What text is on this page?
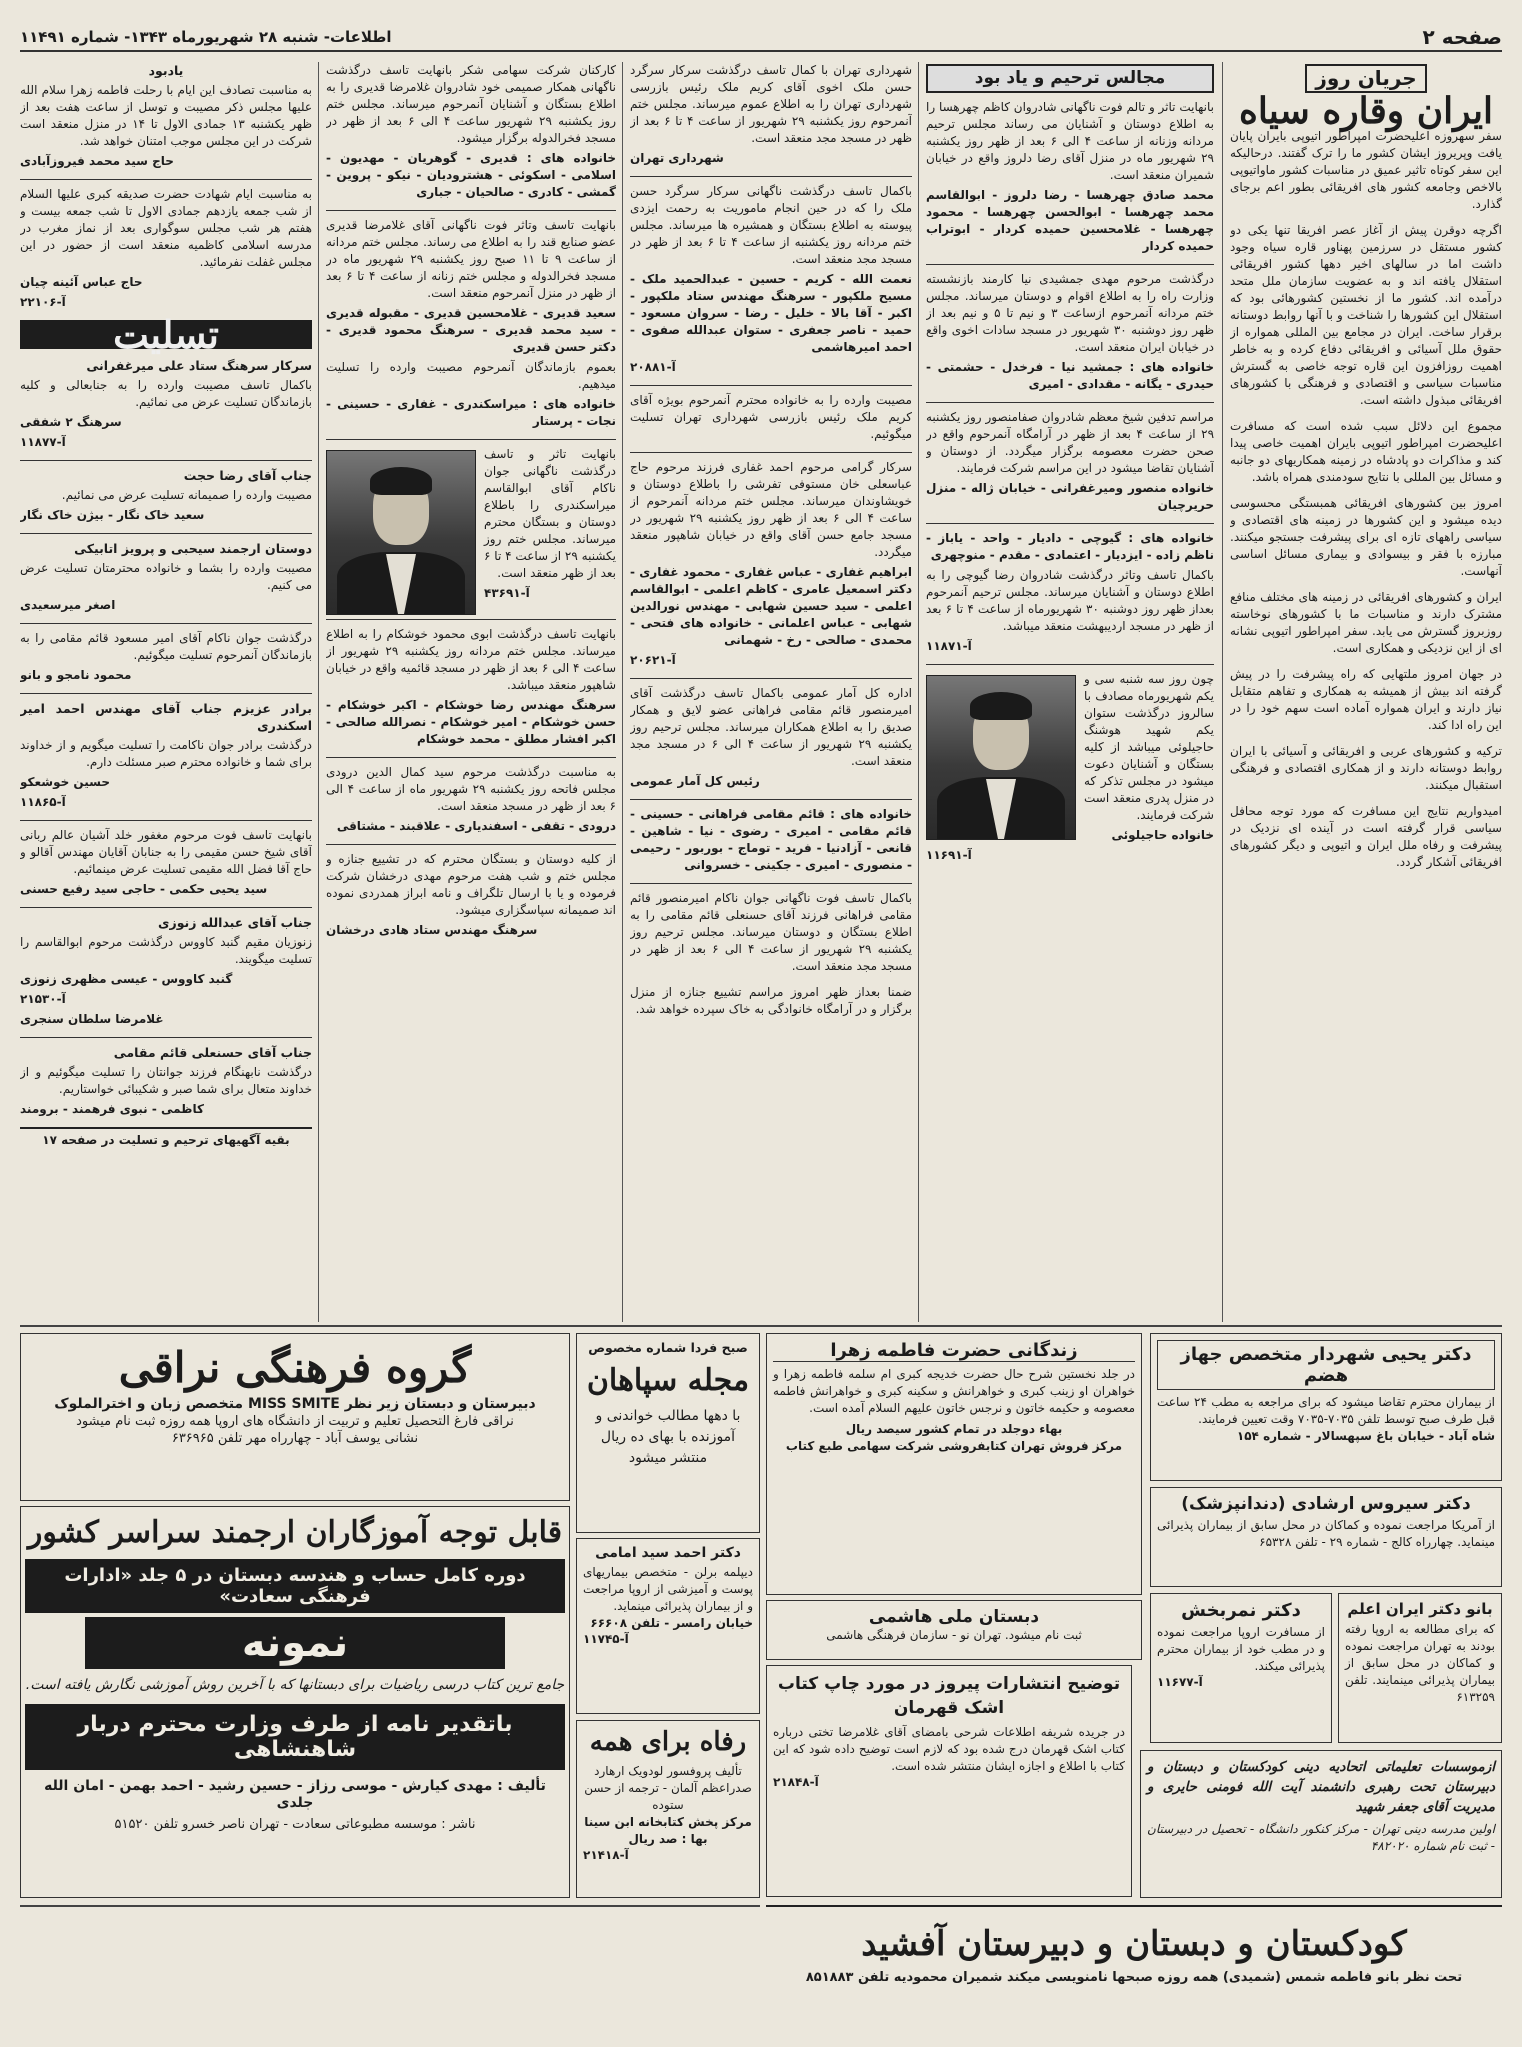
صفحه ۲
اطلاعات- شنبه ۲۸ شهریورماه ۱۳۴۳- شماره ۱۱۴۹۱
جریان روز
ایران وقاره سیاه

سفر سهروزه اعلیحضرت امپراطور اتیوپی بایران پایان یافت وپریروز ایشان کشور ما را ترک گفتند. درحالیکه این سفر کوتاه تاثیر عمیق در مناسبات کشور ماواتیوپی بالاخص وجامعه کشور های افریقائی بطور اعم برجای گذارد.

اگرچه دوقرن پیش از آغاز عصر افریقا تنها یکی دو کشور مستقل در سرزمین پهناور قاره سیاه وجود داشت اما در سالهای اخیر دهها کشور افریقائی استقلال یافته اند و به عضویت سازمان ملل متحد درآمده اند. کشور ما از نخستین کشورهائی بود که استقلال این کشورها را شناخت و با آنها روابط دوستانه برقرار ساخت. ایران در مجامع بین المللی همواره از حقوق ملل آسیائی و افریقائی دفاع کرده و به خاطر اهمیت روزافزون این قاره توجه خاصی به گسترش مناسبات سیاسی و اقتصادی و فرهنگی با کشورهای افریقائی مبذول داشته است.

مجموع این دلائل سبب شده است که مسافرت اعلیحضرت امپراطور اتیوپی بایران اهمیت خاصی پیدا کند و مذاکرات دو پادشاه در زمینه همکاریهای دو جانبه و مسائل بین المللی با نتایج سودمندی همراه باشد.

امروز بین کشورهای افریقائی همبستگی محسوسی دیده میشود و این کشورها در زمینه های اقتصادی و سیاسی راههای تازه ای برای پیشرفت جستجو میکنند. مبارزه با فقر و بیسوادی و بیماری مسائل اساسی آنهاست.

ایران و کشورهای افریقائی در زمینه های مختلف منافع مشترک دارند و مناسبات ما با کشورهای نوخاسته روزبروز گسترش می یابد. سفر امپراطور اتیوپی نشانه ای از این نزدیکی و همکاری است.

در جهان امروز ملتهایی که راه پیشرفت را در پیش گرفته اند بیش از همیشه به همکاری و تفاهم متقابل نیاز دارند و ایران همواره آماده است سهم خود را در این راه ادا کند.

ترکیه و کشورهای عربی و افریقائی و آسیائی با ایران روابط دوستانه دارند و از همکاری اقتصادی و فرهنگی استقبال میکنند.

امیدواریم نتایج این مسافرت که مورد توجه محافل سیاسی قرار گرفته است در آینده ای نزدیک در پیشرفت و رفاه ملل ایران و اتیوپی و دیگر کشورهای افریقائی آشکار گردد.

مجالس ترحیم و یاد بود

بانهایت تاثر و تالم فوت ناگهانی شادروان کاظم چهرهسا را به اطلاع دوستان و آشنایان می رساند مجلس ترحیم مردانه وزنانه از ساعت ۴ الی ۶ بعد از ظهر روز یکشنبه ۲۹ شهریور ماه در منزل آقای رضا دلروز واقع در خیابان شمیران منعقد است.

محمد صادق چهرهسا - رضا دلروز - ابوالقاسم محمد چهرهسا - ابوالحسن چهرهسا - محمود چهرهسا - غلامحسین حمیده کردار - ابوتراب حمیده کردار

درگذشت مرحوم مهدی جمشیدی نیا کارمند بازنشسته وزارت راه را به اطلاع اقوام و دوستان میرساند. مجلس ختم مردانه آنمرحوم ازساعت ۳ و نیم تا ۵ و نیم بعد از ظهر روز دوشنبه ۳۰ شهریور در مسجد سادات اخوی واقع در خیابان ایران منعقد است.

خانواده های : جمشید نیا - فرخدل - حشمتی - حیدری - یگانه - مقدادی - امیری

مراسم تدفین شیخ معظم شادروان صفامنصور روز یکشنبه ۲۹ از ساعت ۴ بعد از ظهر در آرامگاه آنمرحوم واقع در صحن حضرت معصومه برگزار میگردد. از دوستان و آشنایان تقاضا میشود در این مراسم شرکت فرمایند.

خانواده منصور ومیرغفرانی - خیابان ژاله - منزل حریرچیان

خانواده های : گیوچی - دادیار - واحد - یاباز - ناظم زاده - ایزدیار - اعتمادی - مقدم - منوچهری

باکمال تاسف وتاثر درگذشت شادروان رضا گیوچی را به اطلاع دوستان و آشنایان میرساند. مجلس ترحیم آنمرحوم بعداز ظهر روز دوشنبه ۳۰ شهریورماه از ساعت ۴ تا ۶ بعد از ظهر در مسجد اردیبهشت منعقد میباشد.

آ-۱۱۸۷۱

چون روز سه شنبه سی و یکم شهریورماه مصادف با سالروز درگذشت ستوان یکم شهید هوشنگ حاجیلوئی میباشد از کلیه بستگان و آشنایان دعوت میشود در مجلس تذکر که در منزل پدری منعقد است شرکت فرمایند.

خانواده حاجیلوئی

آ-۱۱۶۹۱

شهرداری تهران با کمال تاسف درگذشت سرکار سرگرد حسن ملک اخوی آقای کریم ملک رئیس بازرسی شهرداری تهران را به اطلاع عموم میرساند. مجلس ختم آنمرحوم روز یکشنبه ۲۹ شهریور از ساعت ۴ تا ۶ بعد از ظهر در مسجد مجد منعقد است.

شهرداری تهران

باکمال تاسف درگذشت ناگهانی سرکار سرگرد حسن ملک را که در حین انجام ماموریت به رحمت ایزدی پیوسته به اطلاع بستگان و همشیره ها میرساند. مجلس ختم مردانه روز یکشنبه از ساعت ۴ تا ۶ بعد از ظهر در مسجد مجد منعقد است.

نعمت الله - کریم - حسین - عبدالحمید ملک - مسیح ملکپور - سرهنگ مهندس ستاد ملکپور - اکبر - آقا بالا - خلیل - رضا - سروان مسعود - حمید - ناصر جعفری - ستوان عبدالله صفوی - احمد امیرهاشمی

آ-۲۰۸۸۱

مصیبت وارده را به خانواده محترم آنمرحوم بویژه آقای کریم ملک رئیس بازرسی شهرداری تهران تسلیت میگوئیم.

سرکار گرامی مرحوم احمد غفاری فرزند مرحوم حاج عباسعلی خان مستوفی تفرشی را باطلاع دوستان و خویشاوندان میرساند. مجلس ختم مردانه آنمرحوم از ساعت ۴ الی ۶ بعد از ظهر روز یکشنبه ۲۹ شهریور در مسجد جامع حسن آقای واقع در خیابان شاهپور منعقد میگردد.

ابراهیم غفاری - عباس غفاری - محمود غفاری - دکتر اسمعیل عامری - کاظم اعلمی - ابوالقاسم اعلمی - سید حسین شهابی - مهندس نورالدین شهابی - عباس اعلمانی - خانواده های فتحی - محمدی - صالحی - رخ - شهمانی

آ-۲۰۶۲۱

اداره کل آمار عمومی باکمال تاسف درگذشت آقای امیرمنصور قائم مقامی فراهانی عضو لایق و همکار صدیق را به اطلاع همکاران میرساند. مجلس ترحیم روز یکشنبه ۲۹ شهریور از ساعت ۴ الی ۶ در مسجد مجد منعقد است.

رئیس کل آمار عمومی

خانواده های : قائم مقامی فراهانی - حسینی - قائم مقامی - امیری - رضوی - نیا - شاهین - قانعی - آزادنیا - فرید - توماج - بوربور - رحیمی - منصوری - امیری - جکینی - خسروانی

باکمال تاسف فوت ناگهانی جوان ناکام امیرمنصور قائم مقامی فراهانی فرزند آقای حسنعلی قائم مقامی را به اطلاع بستگان و دوستان میرساند. مجلس ترحیم روز یکشنبه ۲۹ شهریور از ساعت ۴ الی ۶ بعد از ظهر در مسجد مجد منعقد است.

ضمنا بعداز ظهر امروز مراسم تشییع جنازه از منزل برگزار و در آرامگاه خانوادگی به خاک سپرده خواهد شد.

کارکنان شرکت سهامی شکر بانهایت تاسف درگذشت ناگهانی همکار صمیمی خود شادروان غلامرضا قدیری را به اطلاع بستگان و آشنایان آنمرحوم میرساند. مجلس ختم روز یکشنبه ۲۹ شهریور ساعت ۴ الی ۶ بعد از ظهر در مسجد فخرالدوله برگزار میشود.

خانواده های : قدیری - گوهریان - مهدیون - اسلامی - اسکوئی - هشترودیان - نیکو - پروین - گمشی - کادری - صالحیان - جباری

بانهایت تاسف وتاثر فوت ناگهانی آقای غلامرضا قدیری عضو صنایع قند را به اطلاع می رساند. مجلس ختم مردانه از ساعت ۹ تا ۱۱ صبح روز یکشنبه ۲۹ شهریور ماه در مسجد فخرالدوله و مجلس ختم زنانه از ساعت ۴ تا ۶ بعد از ظهر در منزل آنمرحوم منعقد است.

سعید قدیری - غلامحسین قدیری - مقبوله قدیری - سید محمد قدیری - سرهنگ محمود قدیری - دکتر حسن قدیری

بعموم بازماندگان آنمرحوم مصیبت وارده را تسلیت میدهیم.

خانواده های : میراسکندری - غفاری - حسینی - نجات - پرستار

بانهایت تاثر و تاسف درگذشت ناگهانی جوان ناکام آقای ابوالقاسم میراسکندری را باطلاع دوستان و بستگان محترم میرساند. مجلس ختم روز یکشنبه ۲۹ از ساعت ۴ تا ۶ بعد از ظهر منعقد است.

آ-۴۳۶۹۱

بانهایت تاسف درگذشت ابوی محمود خوشکام را به اطلاع میرساند. مجلس ختم مردانه روز یکشنبه ۲۹ شهریور از ساعت ۴ الی ۶ بعد از ظهر در مسجد قائمیه واقع در خیابان شاهپور منعقد میباشد.

سرهنگ مهندس رضا خوشکام - اکبر خوشکام - حسن خوشکام - امیر خوشکام - نصرالله صالحی - اکبر افشار مطلق - محمد خوشکام

به مناسبت درگذشت مرحوم سید کمال الدین درودی مجلس فاتحه روز یکشنبه ۲۹ شهریور ماه از ساعت ۴ الی ۶ بعد از ظهر در مسجد منعقد است.

درودی - تقفی - اسفندیاری - علاقبند - مشتاقی

از کلیه دوستان و بستگان محترم که در تشییع جنازه و مجلس ختم و شب هفت مرحوم مهدی درخشان شرکت فرموده و یا با ارسال تلگراف و نامه ابراز همدردی نموده اند صمیمانه سپاسگزاری میشود.

سرهنگ مهندس ستاد هادی درخشان

یادبود

به مناسبت تصادف این ایام با رحلت فاطمه زهرا سلام الله علیها مجلس ذکر مصیبت و توسل از ساعت هفت بعد از ظهر یکشنبه ۱۳ جمادی الاول تا ۱۴ در منزل منعقد است شرکت در این مجلس موجب امتنان خواهد شد.

حاج سید محمد فیروزآبادی

به مناسبت ایام شهادت حضرت صدیقه کبری علیها السلام از شب جمعه یازدهم جمادی الاول تا شب جمعه بیست و هفتم هر شب مجلس سوگواری بعد از نماز مغرب در مدرسه اسلامی کاظمیه منعقد است از حضور در این مجلس غفلت نفرمائید.

حاج عباس آئینه چیان

آ-۲۲۱۰۶

تسلیت

سرکار سرهنگ ستاد علی میرغفرانی

باکمال تاسف مصیبت وارده را به جنابعالی و کلیه بازماندگان تسلیت عرض می نمائیم.

سرهنگ ۲ شفقی

آ-۱۱۸۷۷

جناب آقای رضا حجت

مصیبت وارده را صمیمانه تسلیت عرض می نمائیم.

سعید خاک نگار - بیژن خاک نگار

دوستان ارجمند سیحبی و پرویز اتابیکی

مصیبت وارده را بشما و خانواده محترمتان تسلیت عرض می کنیم.

اصغر میرسعیدی

درگذشت جوان ناکام آقای امیر مسعود قائم مقامی را به بازماندگان آنمرحوم تسلیت میگوئیم.

محمود نامجو و بانو

برادر عزیزم جناب آقای مهندس احمد امیر اسکندری

درگذشت برادر جوان ناکامت را تسلیت میگویم و از خداوند برای شما و خانواده محترم صبر مسئلت دارم.

حسین خوشعکو

آ-۱۱۸۶۵

بانهایت تاسف فوت مرحوم مغفور خلد آشیان عالم ربانی آقای شیخ حسن مقیمی را به جنابان آقایان مهندس آقالو و حاج آقا فضل الله مقیمی تسلیت عرض مینمائیم.

سید یحیی حکمی - حاجی سید رفیع حسنی

جناب آقای عبدالله زنوزی

زنوزیان مقیم گنبد کاووس درگذشت مرحوم ابوالقاسم را تسلیت میگویند.

گنبد کاووس - عیسی مظهری زنوزی

آ-۲۱۵۳۰

غلامرضا سلطان سنجری

جناب آقای حسنعلی قائم مقامی

درگذشت نابهنگام فرزند جوانتان را تسلیت میگوئیم و از خداوند متعال برای شما صبر و شکیبائی خواستاریم.

کاظمی - نبوی فرهمند - برومند

بقیه آگهیهای ترحیم و تسلیت در صفحه ۱۷
دکتر یحیی شهردار متخصص جهاز هضم

از بیماران محترم تقاضا میشود که برای مراجعه به مطب ۲۴ ساعت قبل طرف صبح توسط تلفن ۷۰۳۵-۷۰۳۵ وقت تعیین فرمایند.

شاه آباد - خیابان باغ سپهسالار - شماره ۱۵۴

دکتر سیروس ارشادی (دندانپزشک)

از آمریکا مراجعت نموده و کماکان در محل سابق از بیماران پذیرائی مینماید. چهارراه کالج - شماره ۲۹ - تلفن ۶۵۳۲۸

بانو دکتر ایران اعلم

که برای مطالعه به اروپا رفته بودند به تهران مراجعت نموده و کماکان در محل سابق از بیماران پذیرائی مینمایند. تلفن ۶۱۳۲۵۹

دکتر نمربخش

از مسافرت اروپا مراجعت نموده و در مطب خود از بیماران محترم پذیرائی میکند.

آ-۱۱۶۷۷

ازموسسات تعلیماتی اتحادیه دینی کودکستان و دبستان و دبیرستان تحت رهبری دانشمند آیت الله فومنی حایری و مدیریت آقای جعفر شهید

اولین مدرسه دینی تهران - مرکز کنکور دانشگاه - تحصیل در دبیرستان - ثبت نام شماره ۴۸۲۰۲۰

زندگانی حضرت فاطمه زهرا

در جلد نخستین شرح حال حضرت خدیجه کبری ام سلمه فاطمه زهرا و خواهران او زینب کبری و خواهرانش و سکینه کبری و خواهرانش فاطمه معصومه و حکیمه خاتون و نرجس خاتون علیهم السلام آمده است.

بهاء دوجلد در تمام کشور سیصد ریال

مرکز فروش تهران کتابفروشی شرکت سهامی طبع کتاب

دبستان ملی هاشمی

ثبت نام میشود. تهران نو - سازمان فرهنگی هاشمی

توضیح انتشارات پیروز در مورد چاپ کتاب اشک قهرمان

در جریده شریفه اطلاعات شرحی بامضای آقای غلامرضا تختی درباره کتاب اشک قهرمان درج شده بود که لازم است توضیح داده شود که این کتاب با اطلاع و اجازه ایشان منتشر شده است.

آ-۲۱۸۴۸

صبح فردا شماره مخصوص

مجله سپاهان

با دهها مطالب خواندنی و آموزنده با بهای ده ریال منتشر میشود

دکتر احمد سید امامی

دیپلمه برلن - متخصص بیماریهای پوست و آمیزشی از اروپا مراجعت و از بیماران پذیرائی مینماید.

خیابان رامسر - تلفن ۶۶۶۰۸

آ-۱۱۷۴۵

رفاه برای همه

تألیف پروفسور لودویک ارهارد صدراعظم آلمان - ترجمه از حسن ستوده

مرکز پخش کتابخانه ابن سینا

بها : صد ریال

آ-۲۱۴۱۸

گروه فرهنگی نراقی

دبیرستان و دبستان زیر نظر MISS SMITE متخصص زبان و اخترالملوک

نراقی فارغ التحصیل تعلیم و تربیت از دانشگاه های اروپا همه روزه ثبت نام میشود

نشانی یوسف آباد - چهارراه مهر تلفن ۶۳۶۹۶۵

قابل توجه آموزگاران ارجمند سراسر کشور
دوره کامل حساب و هندسه دبستان در ۵ جلد «ادارات فرهنگی سعادت»
نمونه

جامع ترین کتاب درسی ریاضیات برای دبستانها که با آخرین روش آموزشی نگارش یافته است.

باتقدیر نامه از طرف وزارت محترم دربار شاهنشاهی

تألیف : مهدی کیارش - موسی رزاز - حسین رشید - احمد بهمن - امان الله جلدی

ناشر : موسسه مطبوعاتی سعادت - تهران ناصر خسرو تلفن ۵۱۵۲۰

کودکستان و دبستان و دبیرستان آفشید

تحت نظر بانو فاطمه شمس (شمیدی) همه روزه صبحها نامنویسی میکند شمیران محمودیه تلفن ۸۵۱۸۸۳
